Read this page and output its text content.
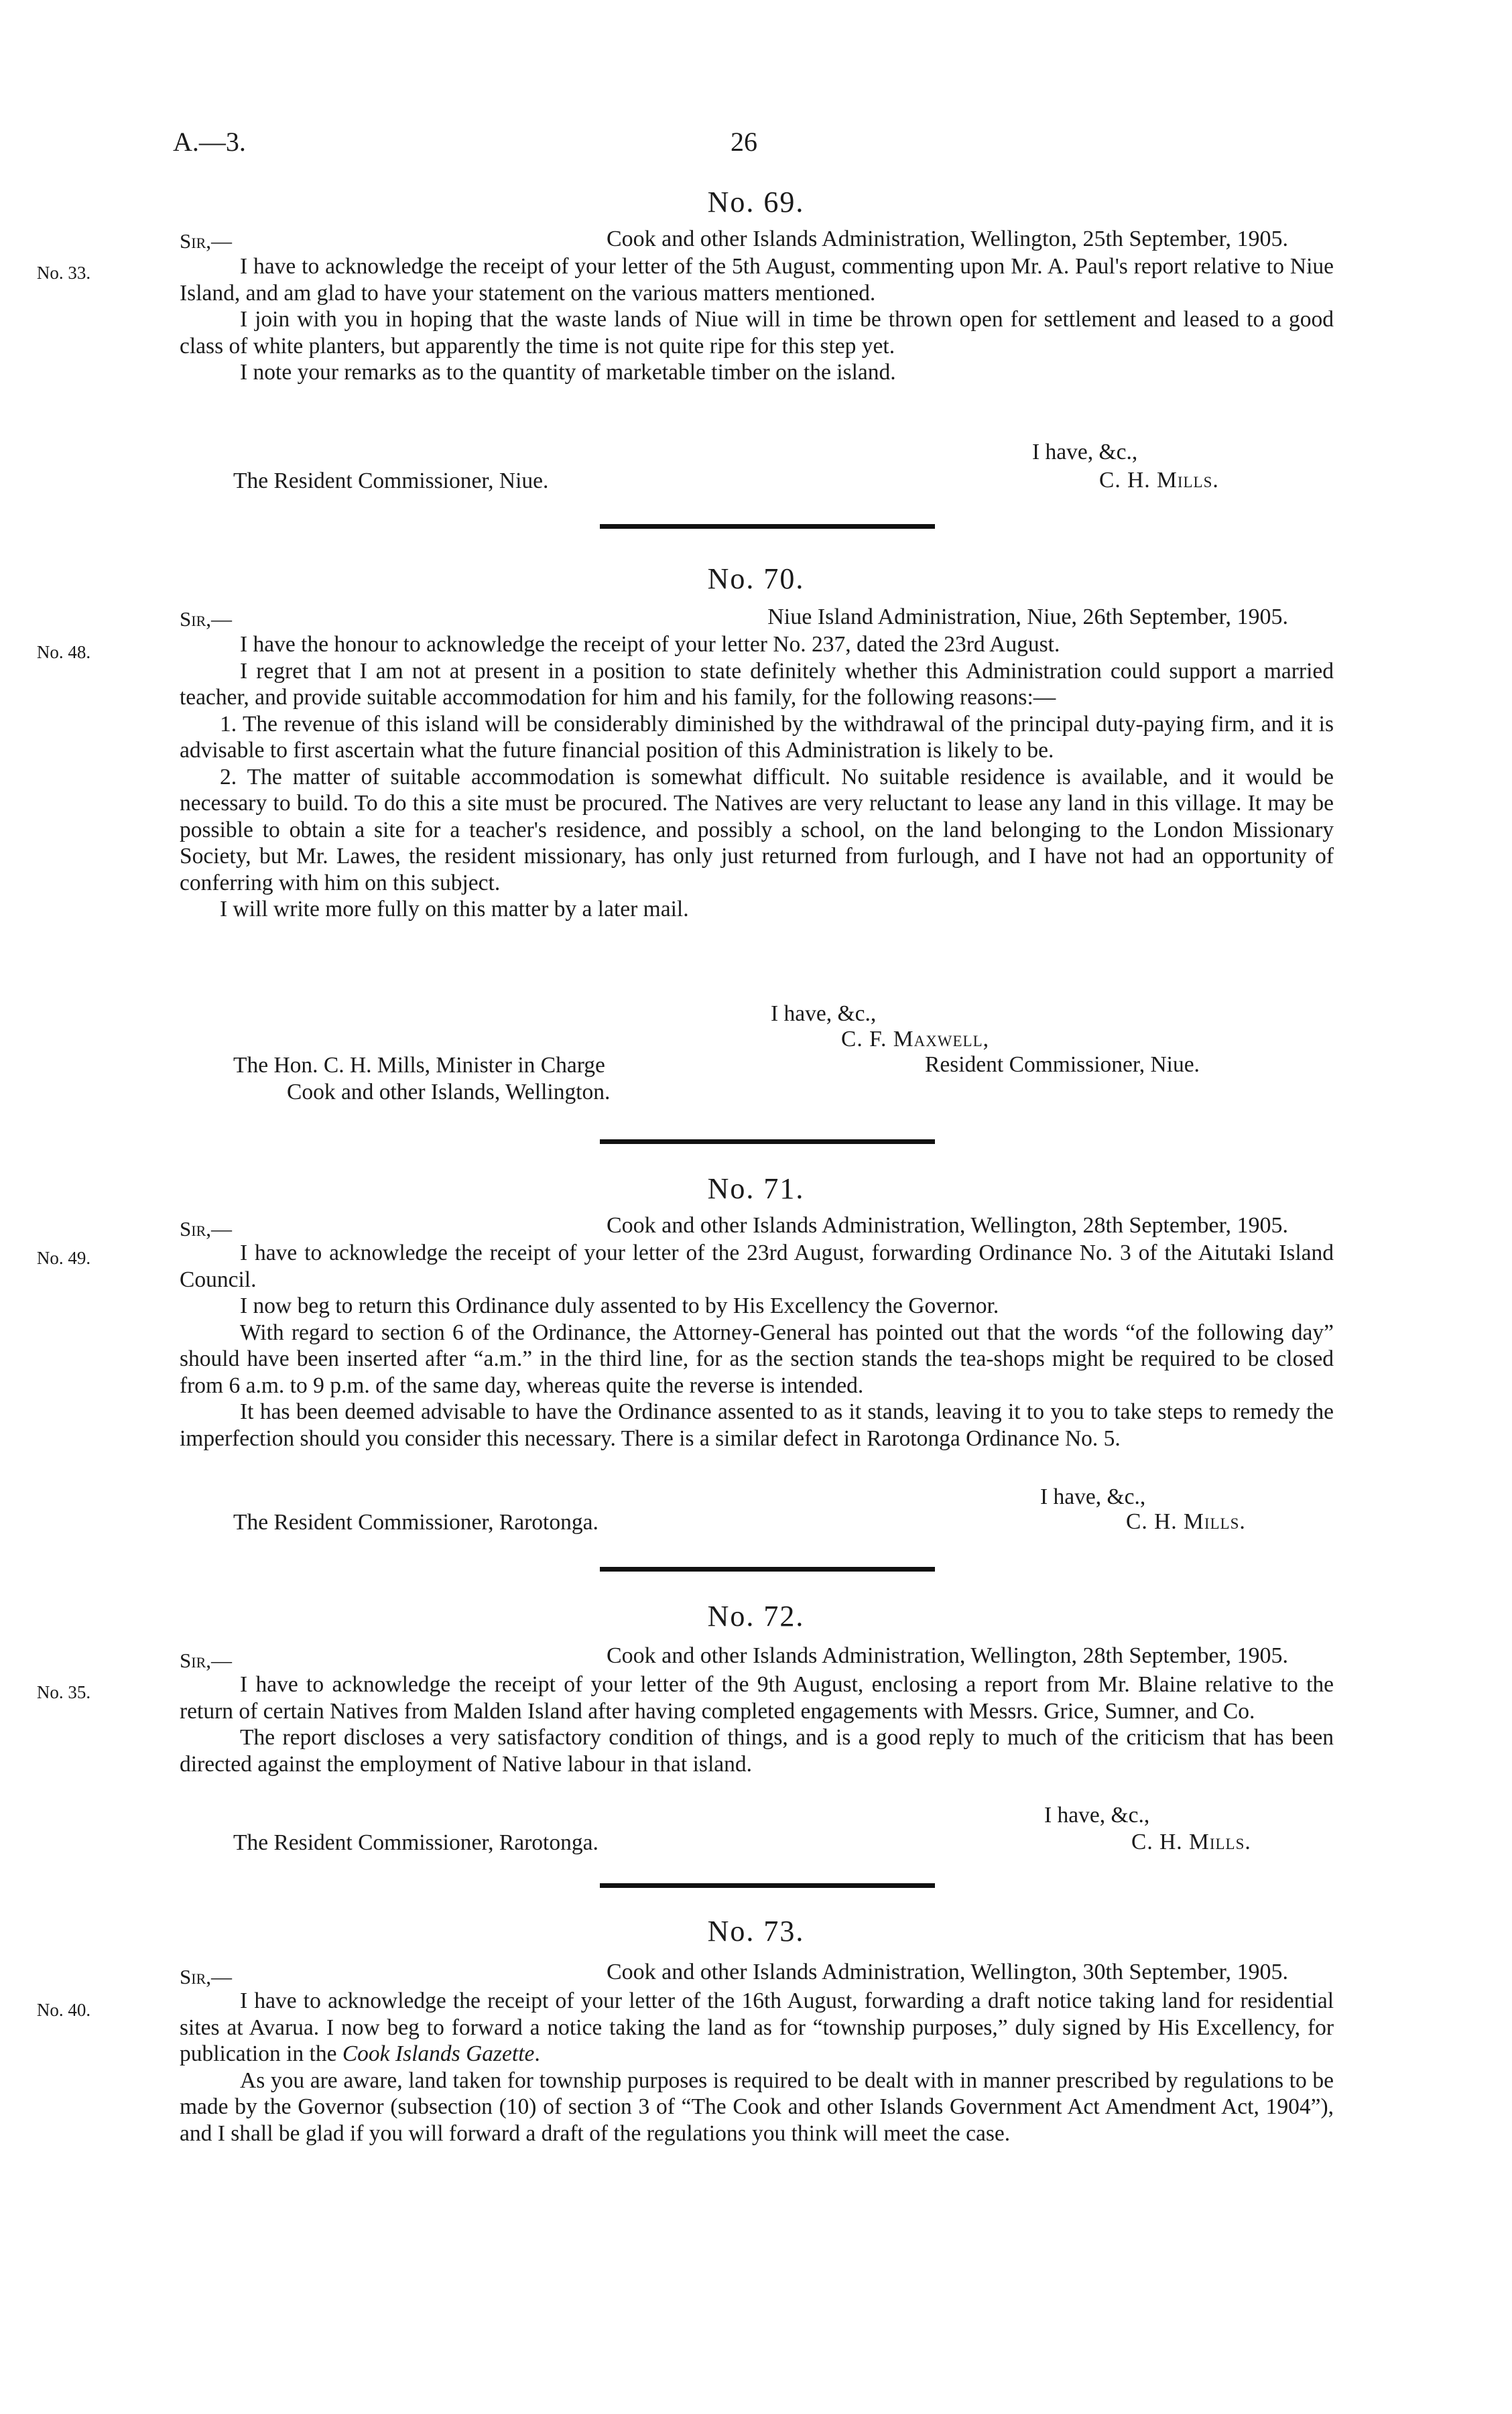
A.—3.	26
No. 69.
No. 33.
Sir,—	Cook and other Islands Administration, Wellington, 25th September, 1905.

I have to acknowledge the receipt of your letter of the 5th August, commenting upon Mr. A. Paul's report relative to Niue Island, and am glad to have your statement on the various matters mentioned.

I join with you in hoping that the waste lands of Niue will in time be thrown open for settlement and leased to a good class of white planters, but apparently the time is not quite ripe for this step yet.

I note your remarks as to the quantity of marketable timber on the island.

I have, &c.,
The Resident Commissioner, Niue.	C. H. Mills.
No. 70.
No. 48.
Sir,—	Niue Island Administration, Niue, 26th September, 1905.

I have the honour to acknowledge the receipt of your letter No. 237, dated the 23rd August.

I regret that I am not at present in a position to state definitely whether this Administration could support a married teacher, and provide suitable accommodation for him and his family, for the following reasons:—

1. The revenue of this island will be considerably diminished by the withdrawal of the principal duty-paying firm, and it is advisable to first ascertain what the future financial position of this Administration is likely to be.

2. The matter of suitable accommodation is somewhat difficult. No suitable residence is available, and it would be necessary to build. To do this a site must be procured. The Natives are very reluctant to lease any land in this village. It may be possible to obtain a site for a teacher's residence, and possibly a school, on the land belonging to the London Missionary Society, but Mr. Lawes, the resident missionary, has only just returned from furlough, and I have not had an opportunity of conferring with him on this subject.

I will write more fully on this matter by a later mail.

I have, &c.,
C. F. Maxwell,
Resident Commissioner, Niue.
The Hon. C. H. Mills, Minister in Charge
Cook and other Islands, Wellington.
No. 71.
No. 49.
Sir,—	Cook and other Islands Administration, Wellington, 28th September, 1905.

I have to acknowledge the receipt of your letter of the 23rd August, forwarding Ordinance No. 3 of the Aitutaki Island Council.

I now beg to return this Ordinance duly assented to by His Excellency the Governor.

With regard to section 6 of the Ordinance, the Attorney-General has pointed out that the words “of the following day” should have been inserted after “a.m.” in the third line, for as the section stands the tea-shops might be required to be closed from 6 a.m. to 9 p.m. of the same day, whereas quite the reverse is intended.

It has been deemed advisable to have the Ordinance assented to as it stands, leaving it to you to take steps to remedy the imperfection should you consider this necessary. There is a similar defect in Rarotonga Ordinance No. 5.

I have, &c.,
The Resident Commissioner, Rarotonga.	C. H. Mills.
No. 72.
No. 35.
Sir,—	Cook and other Islands Administration, Wellington, 28th September, 1905.

I have to acknowledge the receipt of your letter of the 9th August, enclosing a report from Mr. Blaine relative to the return of certain Natives from Malden Island after having completed engagements with Messrs. Grice, Sumner, and Co.

The report discloses a very satisfactory condition of things, and is a good reply to much of the criticism that has been directed against the employment of Native labour in that island.

I have, &c.,
The Resident Commissioner, Rarotonga.	C. H. Mills.
No. 73.
No. 40.
Sir,—	Cook and other Islands Administration, Wellington, 30th September, 1905.

I have to acknowledge the receipt of your letter of the 16th August, forwarding a draft notice taking land for residential sites at Avarua. I now beg to forward a notice taking the land as for “township purposes,” duly signed by His Excellency, for publication in the Cook Islands Gazette.

As you are aware, land taken for township purposes is required to be dealt with in manner prescribed by regulations to be made by the Governor (subsection (10) of section 3 of “The Cook and other Islands Government Act Amendment Act, 1904”), and I shall be glad if you will forward a draft of the regulations you think will meet the case.
